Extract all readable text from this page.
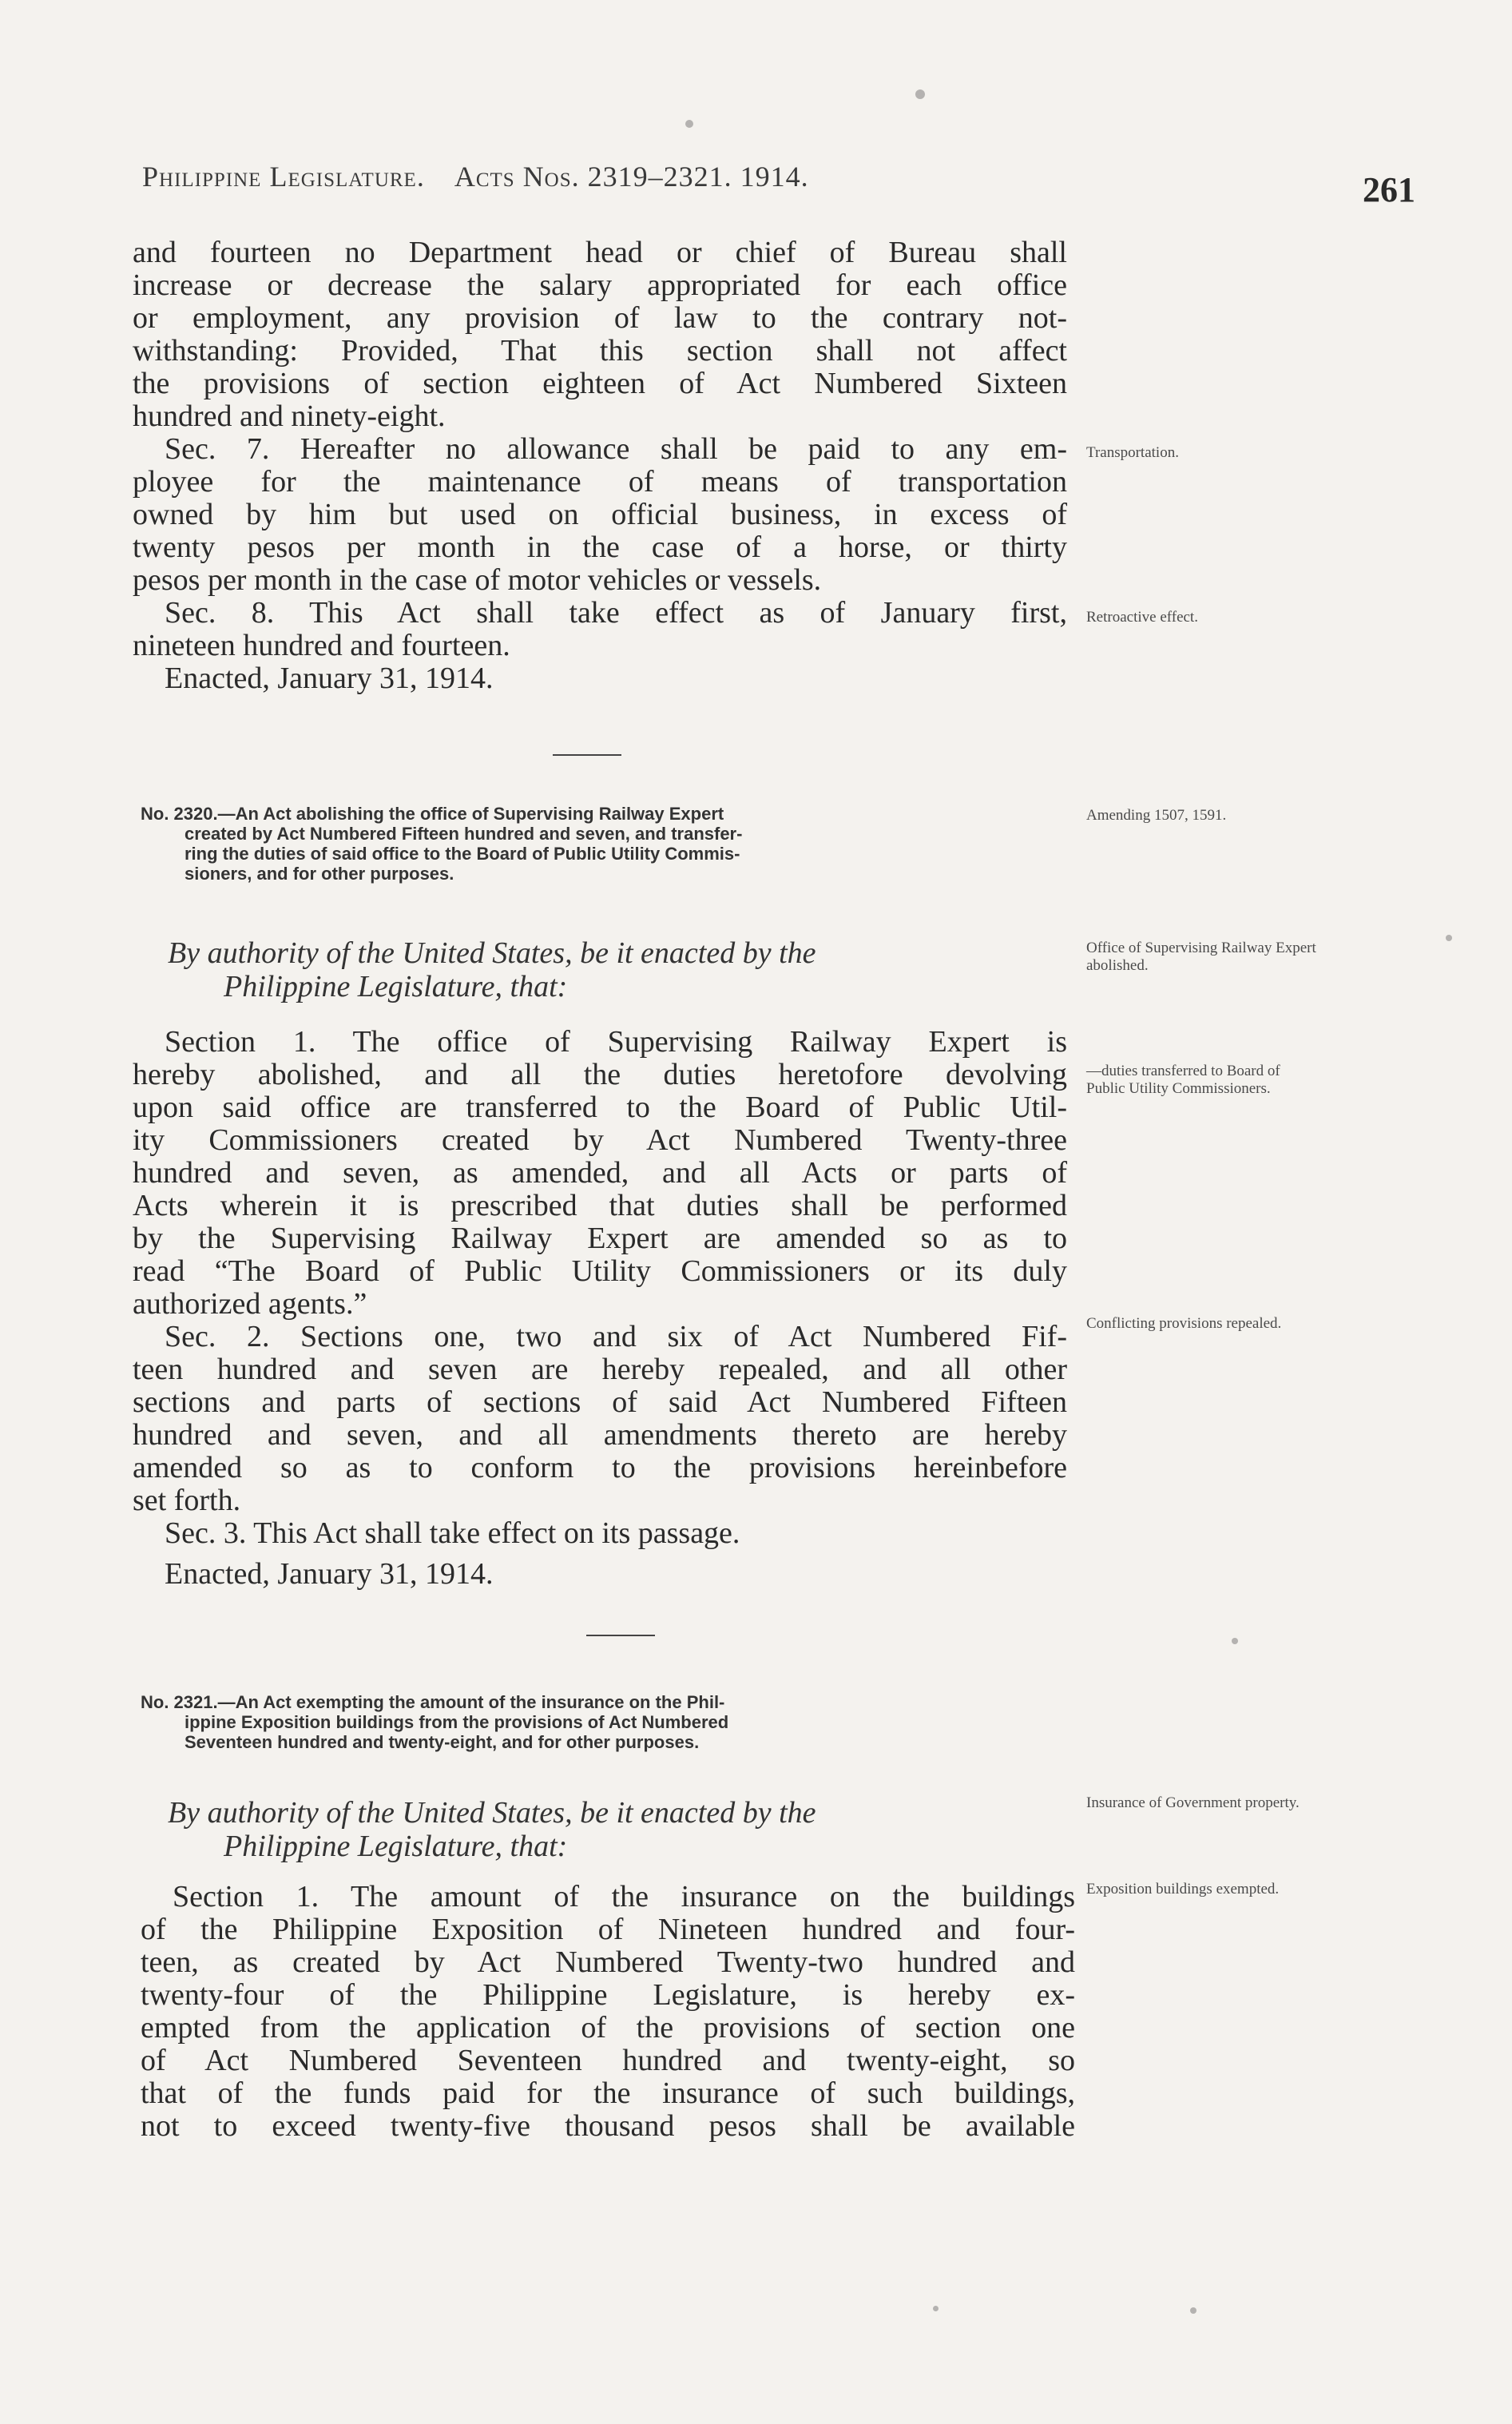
Philippine Legislature. Acts Nos. 2319–2321. 1914.	261
and fourteen no Department head or chief of Bureau shall
increase or decrease the salary appropriated for each office
or employment, any provision of law to the contrary not-
withstanding: Provided, That this section shall not affect
the provisions of section eighteen of Act Numbered Sixteen
hundred and ninety-eight.
Sec. 7. Hereafter no allowance shall be paid to any em-
ployee for the maintenance of means of transportation
owned by him but used on official business, in excess of
twenty pesos per month in the case of a horse, or thirty
pesos per month in the case of motor vehicles or vessels.
Sec. 8. This Act shall take effect as of January first,
nineteen hundred and fourteen.
Enacted, January 31, 1914.
Transportation.
Retroactive effect.
No. 2320.—An Act abolishing the office of Supervising Railway Expert
created by Act Numbered Fifteen hundred and seven, and transfer-
ring the duties of said office to the Board of Public Utility Commis-
sioners, and for other purposes.
Amending 1507, 1591.
By authority of the United States, be it enacted by the
Philippine Legislature, that:
Office of Supervising Railway Expert abolished.
Section 1. The office of Supervising Railway Expert is
hereby abolished, and all the duties heretofore devolving
upon said office are transferred to the Board of Public Util-
ity Commissioners created by Act Numbered Twenty-three
hundred and seven, as amended, and all Acts or parts of
Acts wherein it is prescribed that duties shall be performed
by the Supervising Railway Expert are amended so as to
read “The Board of Public Utility Commissioners or its duly
authorized agents.”
Sec. 2. Sections one, two and six of Act Numbered Fif-
teen hundred and seven are hereby repealed, and all other
sections and parts of sections of said Act Numbered Fifteen
hundred and seven, and all amendments thereto are hereby
amended so as to conform to the provisions hereinbefore
set forth.
Sec. 3. This Act shall take effect on its passage.
Enacted, January 31, 1914.
—duties transferred to Board of Public Utility Commissioners.
Conflicting provisions repealed.
No. 2321.—An Act exempting the amount of the insurance on the Phil-
ippine Exposition buildings from the provisions of Act Numbered
Seventeen hundred and twenty-eight, and for other purposes.
By authority of the United States, be it enacted by the
Philippine Legislature, that:
Insurance of Government property.
Section 1. The amount of the insurance on the buildings
of the Philippine Exposition of Nineteen hundred and four-
teen, as created by Act Numbered Twenty-two hundred and
twenty-four of the Philippine Legislature, is hereby ex-
empted from the application of the provisions of section one
of Act Numbered Seventeen hundred and twenty-eight, so
that of the funds paid for the insurance of such buildings,
not to exceed twenty-five thousand pesos shall be available
Exposition buildings exempted.
